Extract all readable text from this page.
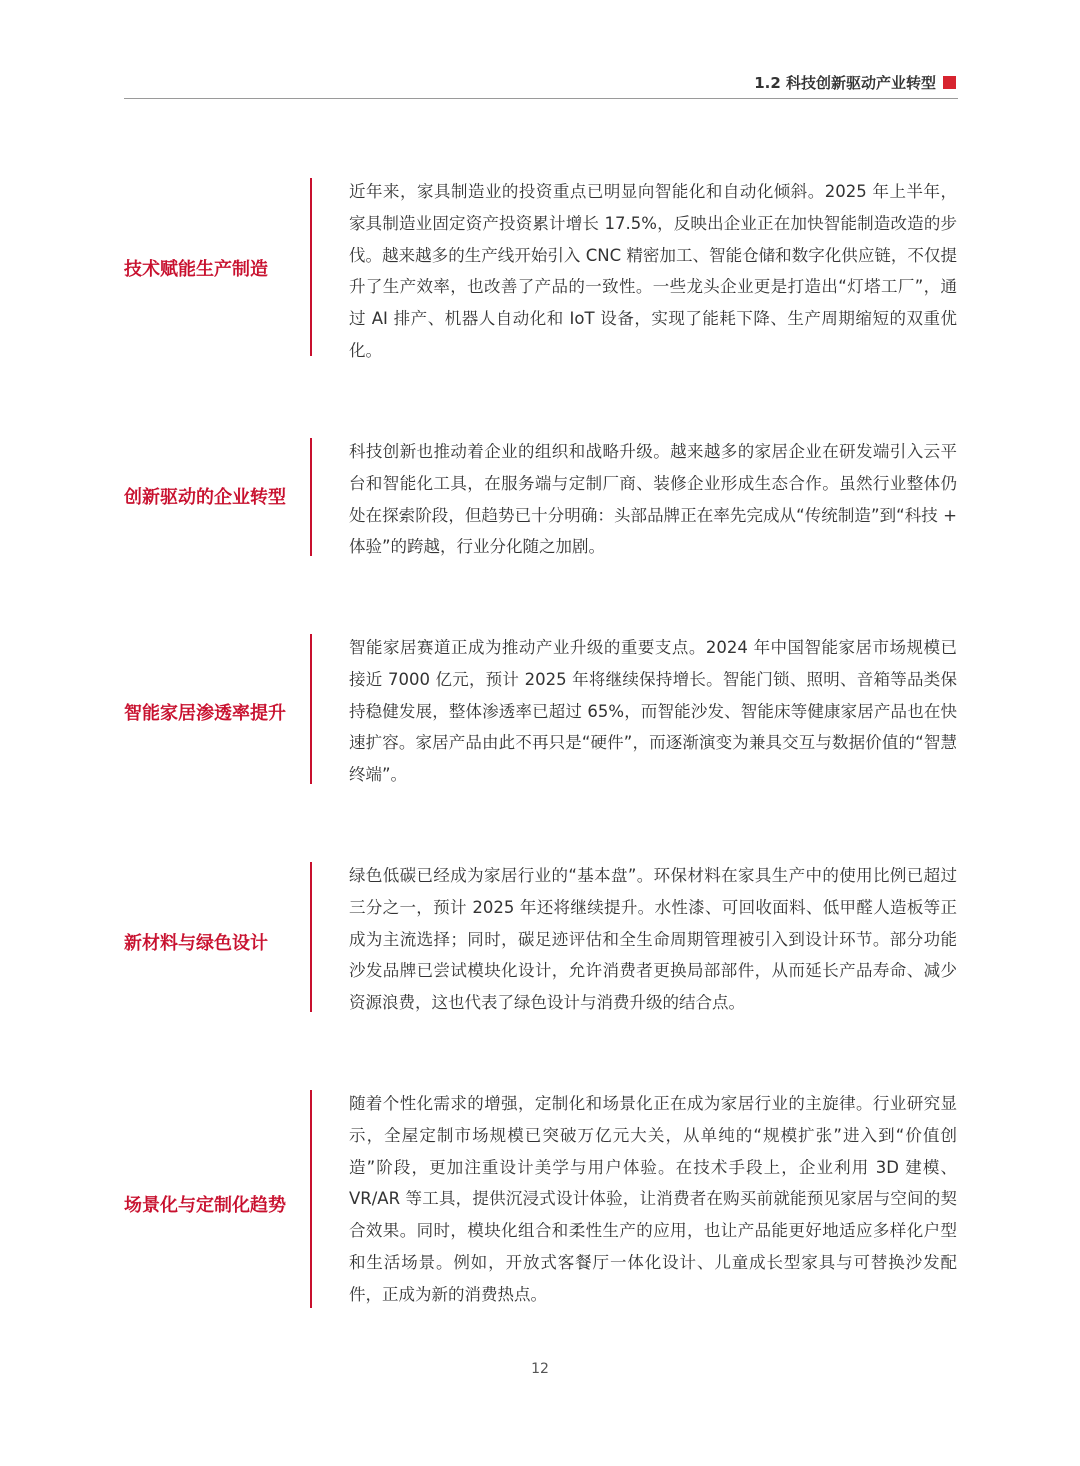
1.2 科技创新驱动产业转型
技术赋能生产制造

近年来，家具制造业的投资重点已明显向智能化和自动化倾斜。2025 年上半年，家具制造业固定资产投资累计增长 17.5%，反映出企业正在加快智能制造改造的步伐。越来越多的生产线开始引入 CNC 精密加工、智能仓储和数字化供应链，不仅提升了生产效率，也改善了产品的一致性。一些龙头企业更是打造出“灯塔工厂”，通过 AI 排产、机器人自动化和 IoT 设备，实现了能耗下降、生产周期缩短的双重优化。

创新驱动的企业转型

科技创新也推动着企业的组织和战略升级。越来越多的家居企业在研发端引入云平台和智能化工具，在服务端与定制厂商、装修企业形成生态合作。虽然行业整体仍处在探索阶段，但趋势已十分明确：头部品牌正在率先完成从“传统制造”到“科技 + 体验”的跨越，行业分化随之加剧。

智能家居渗透率提升

智能家居赛道正成为推动产业升级的重要支点。2024 年中国智能家居市场规模已接近 7000 亿元，预计 2025 年将继续保持增长。智能门锁、照明、音箱等品类保持稳健发展，整体渗透率已超过 65%，而智能沙发、智能床等健康家居产品也在快速扩容。家居产品由此不再只是“硬件”，而逐渐演变为兼具交互与数据价值的“智慧终端”。

新材料与绿色设计

绿色低碳已经成为家居行业的“基本盘”。环保材料在家具生产中的使用比例已超过三分之一，预计 2025 年还将继续提升。水性漆、可回收面料、低甲醛人造板等正成为主流选择；同时，碳足迹评估和全生命周期管理被引入到设计环节。部分功能沙发品牌已尝试模块化设计，允许消费者更换局部部件，从而延长产品寿命、减少资源浪费，这也代表了绿色设计与消费升级的结合点。

场景化与定制化趋势

随着个性化需求的增强，定制化和场景化正在成为家居行业的主旋律。行业研究显示，全屋定制市场规模已突破万亿元大关，从单纯的“规模扩张”进入到“价值创造”阶段，更加注重设计美学与用户体验。在技术手段上，企业利用 3D 建模、VR/AR 等工具，提供沉浸式设计体验，让消费者在购买前就能预见家居与空间的契合效果。同时，模块化组合和柔性生产的应用，也让产品能更好地适应多样化户型和生活场景。例如，开放式客餐厅一体化设计、儿童成长型家具与可替换沙发配件，正成为新的消费热点。

12
